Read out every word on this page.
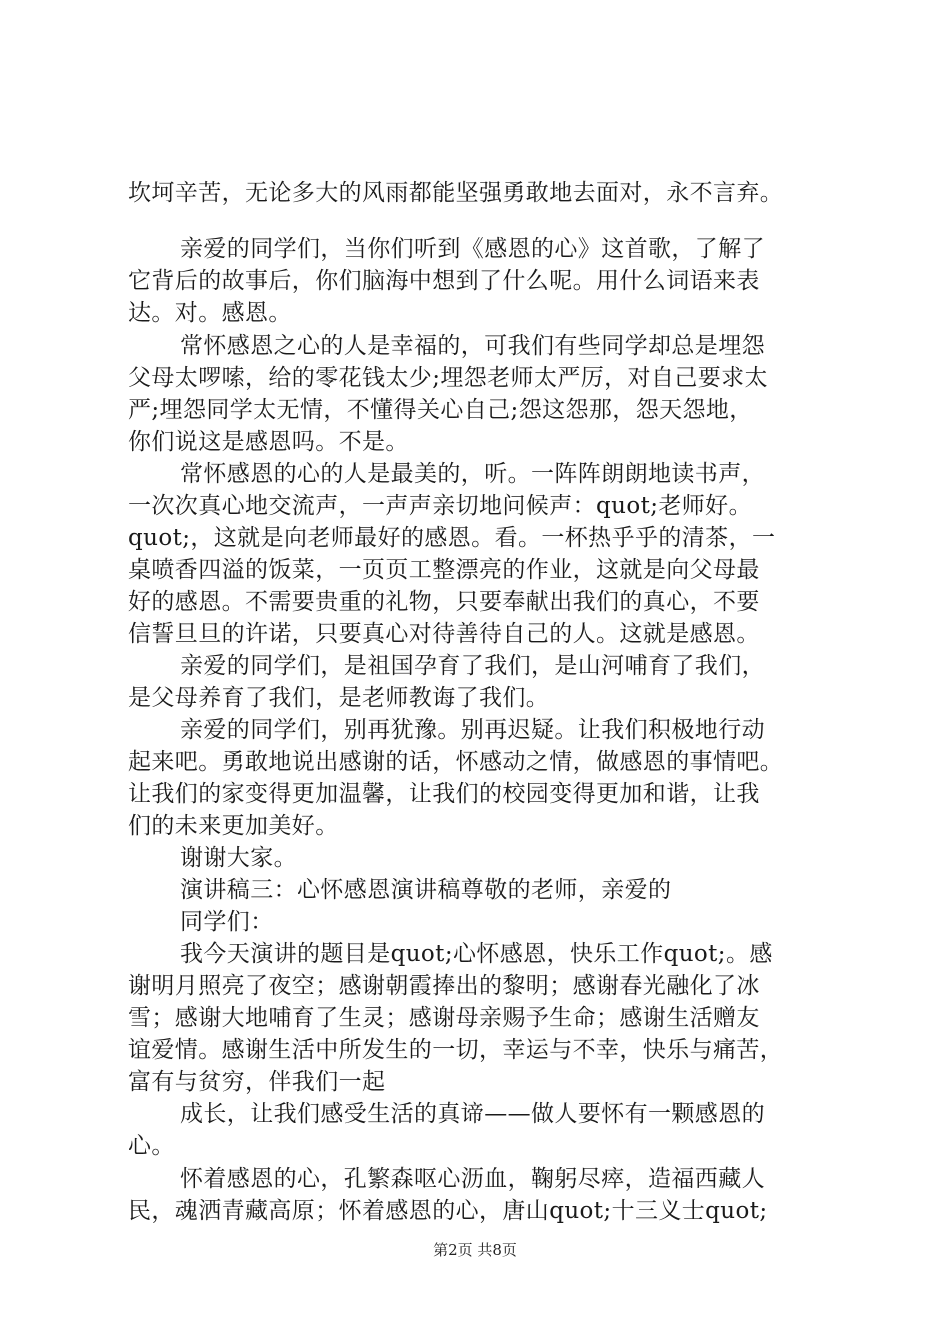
坎坷辛苦，无论多大的风雨都能坚强勇敢地去面对，永不言弃。
亲爱的同学们，当你们听到《感恩的心》这首歌，了解了
它背后的故事后，你们脑海中想到了什么呢。用什么词语来表
达。对。感恩。
常怀感恩之心的人是幸福的，可我们有些同学却总是埋怨
父母太啰嗦，给的零花钱太少;埋怨老师太严厉，对自己要求太
严;埋怨同学太无情，不懂得关心自己;怨这怨那，怨天怨地，
你们说这是感恩吗。不是。
常怀感恩的心的人是最美的，听。一阵阵朗朗地读书声，
一次次真心地交流声，一声声亲切地问候声：quot;老师好。
quot;，这就是向老师最好的感恩。看。一杯热乎乎的清茶，一
桌喷香四溢的饭菜，一页页工整漂亮的作业，这就是向父母最
好的感恩。不需要贵重的礼物，只要奉献出我们的真心，不要
信誓旦旦的许诺，只要真心对待善待自己的人。这就是感恩。
亲爱的同学们，是祖国孕育了我们，是山河哺育了我们，
是父母养育了我们，是老师教诲了我们。
亲爱的同学们，别再犹豫。别再迟疑。让我们积极地行动
起来吧。勇敢地说出感谢的话，怀感动之情，做感恩的事情吧。
让我们的家变得更加温馨，让我们的校园变得更加和谐，让我
们的未来更加美好。
谢谢大家。
演讲稿三：心怀感恩演讲稿尊敬的老师，亲爱的
同学们：
我今天演讲的题目是quot;心怀感恩，快乐工作quot;。感
谢明月照亮了夜空；感谢朝霞捧出的黎明；感谢春光融化了冰
雪；感谢大地哺育了生灵；感谢母亲赐予生命；感谢生活赠友
谊爱情。感谢生活中所发生的一切，幸运与不幸，快乐与痛苦，
富有与贫穷，伴我们一起
成长，让我们感受生活的真谛——做人要怀有一颗感恩的
心。
怀着感恩的心，孔繁森呕心沥血，鞠躬尽瘁，造福西藏人
民，魂洒青藏高原；怀着感恩的心，唐山quot;十三义士quot;
第2页 共8页
